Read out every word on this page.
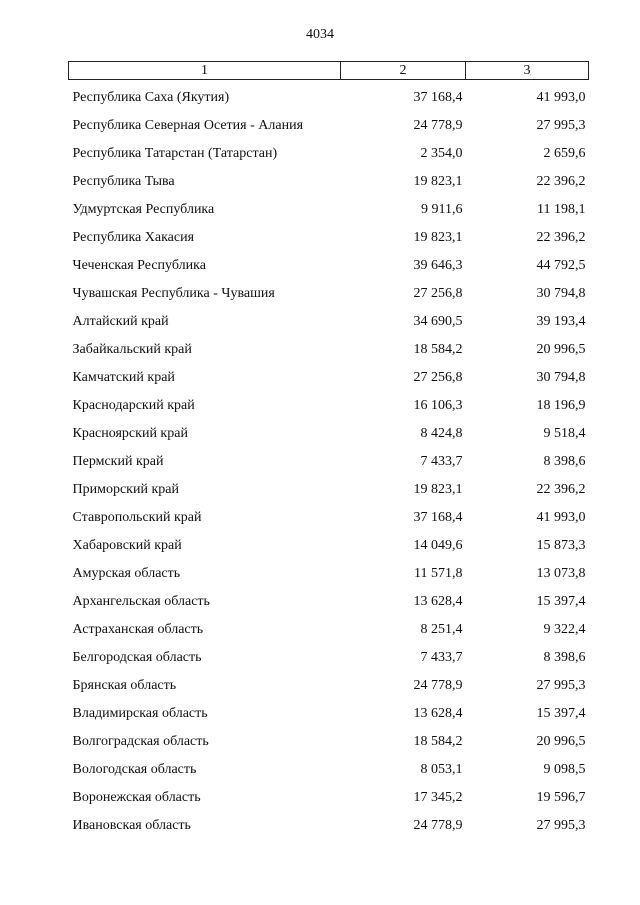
4034
1	2	3
Республика Саха (Якутия)	37 168,4	41 993,0
Республика Северная Осетия - Алания	24 778,9	27 995,3
Республика Татарстан (Татарстан)	2 354,0	2 659,6
Республика Тыва	19 823,1	22 396,2
Удмуртская Республика	9 911,6	11 198,1
Республика Хакасия	19 823,1	22 396,2
Чеченская Республика	39 646,3	44 792,5
Чувашская Республика - Чувашия	27 256,8	30 794,8
Алтайский край	34 690,5	39 193,4
Забайкальский край	18 584,2	20 996,5
Камчатский край	27 256,8	30 794,8
Краснодарский край	16 106,3	18 196,9
Красноярский край	8 424,8	9 518,4
Пермский край	7 433,7	8 398,6
Приморский край	19 823,1	22 396,2
Ставропольский край	37 168,4	41 993,0
Хабаровский край	14 049,6	15 873,3
Амурская область	11 571,8	13 073,8
Архангельская область	13 628,4	15 397,4
Астраханская область	8 251,4	9 322,4
Белгородская область	7 433,7	8 398,6
Брянская область	24 778,9	27 995,3
Владимирская область	13 628,4	15 397,4
Волгоградская область	18 584,2	20 996,5
Вологодская область	8 053,1	9 098,5
Воронежская область	17 345,2	19 596,7
Ивановская область	24 778,9	27 995,3
